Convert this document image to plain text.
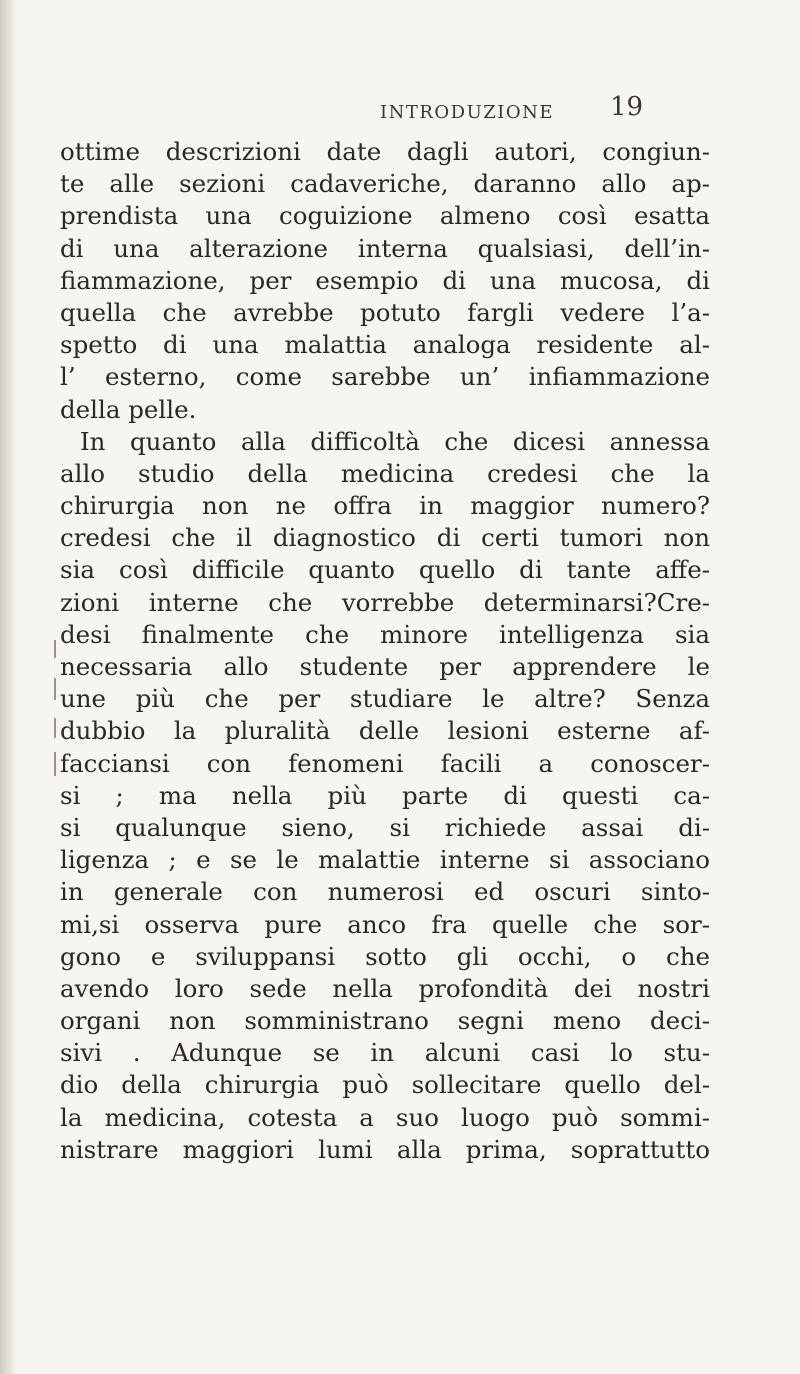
INTRODUZIONE 19
ottime descrizioni date dagli autori, congiun-
te alle sezioni cadaveriche, daranno allo ap-
prendista una coguizione almeno così esatta
di una alterazione interna qualsiasi, dell’in-
fiammazione, per esempio di una mucosa, di
quella che avrebbe potuto fargli vedere l’a-
spetto di una malattia analoga residente al-
l’ esterno, come sarebbe un’ infiammazione
della pelle.
In quanto alla difficoltà che dicesi annessa
allo studio della medicina credesi che la
chirurgia non ne offra in maggior numero?
credesi che il diagnostico di certi tumori non
sia così difficile quanto quello di tante affe-
zioni interne che vorrebbe determinarsi?Cre-
desi finalmente che minore intelligenza sia
necessaria allo studente per apprendere le
une più che per studiare le altre? Senza
dubbio la pluralità delle lesioni esterne af-
facciansi con fenomeni facili a conoscer-
si ; ma nella più parte di questi ca-
si qualunque sieno, si richiede assai di-
ligenza ; e se le malattie interne si associano
in generale con numerosi ed oscuri sinto-
mi,si osserva pure anco fra quelle che sor-
gono e sviluppansi sotto gli occhi, o che
avendo loro sede nella profondità dei nostri
organi non somministrano segni meno deci-
sivi . Adunque se in alcuni casi lo stu-
dio della chirurgia può sollecitare quello del-
la medicina, cotesta a suo luogo può sommi-
nistrare maggiori lumi alla prima, soprattutto
